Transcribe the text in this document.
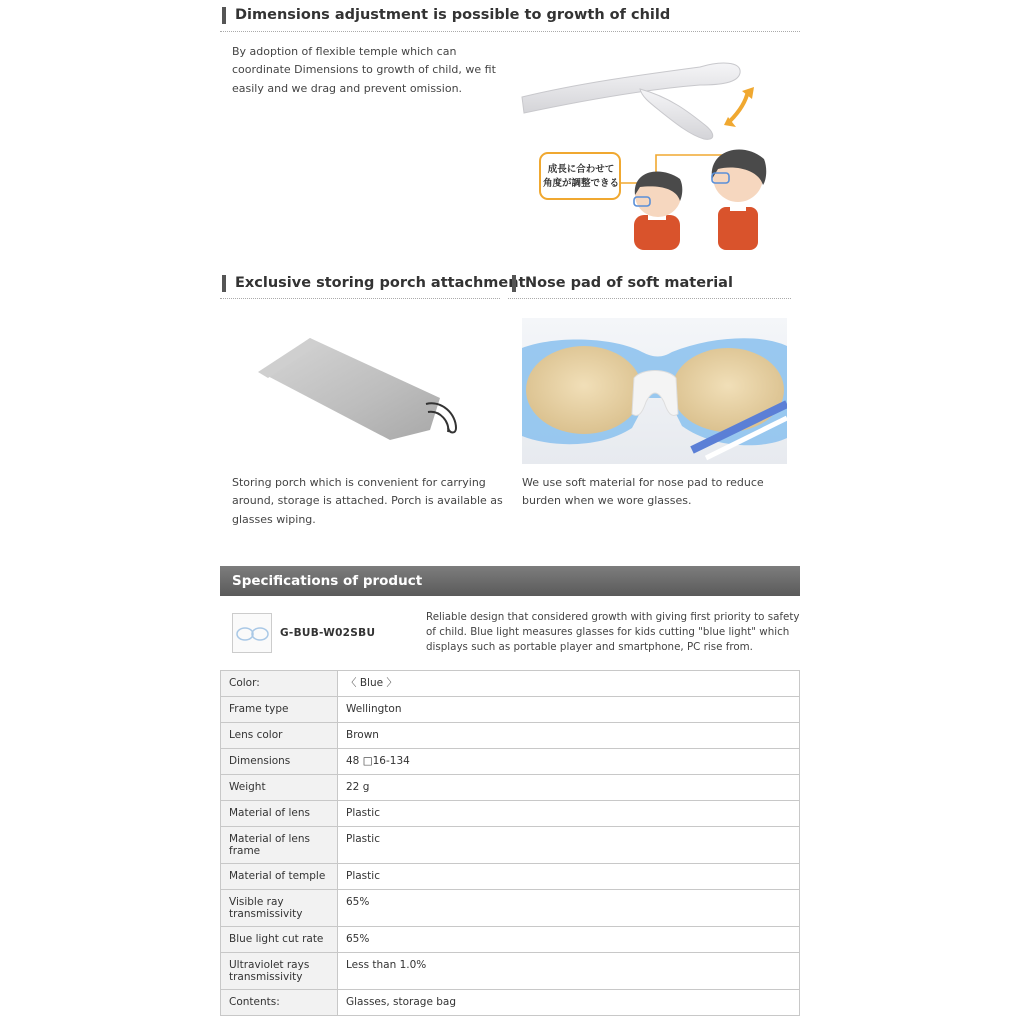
Dimensions adjustment is possible to growth of child
By adoption of flexible temple which can
coordinate Dimensions to growth of child, we fit
easily and we drag and prevent omission.
成長に合わせて
角度が調整できる
Exclusive storing porch attachment
Storing porch which is convenient for carrying
around, storage is attached. Porch is available as
glasses wiping.
Nose pad of soft material
We use soft material for nose pad to reduce
burden when we wore glasses.
Specifications of product
G-BUB-W02SBU
Reliable design that considered growth with giving first priority to safety
of child. Blue light measures glasses for kids cutting "blue light" which
displays such as portable player and smartphone, PC rise from.
Color:	〈 Blue 〉
Frame type	Wellington
Lens color	Brown
Dimensions	48 □16-134
Weight	22 g
Material of lens	Plastic
Material of lens frame	Plastic
Material of temple	Plastic
Visible ray transmissivity	65%
Blue light cut rate	65%
Ultraviolet rays transmissivity	Less than 1.0%
Contents:	Glasses, storage bag
